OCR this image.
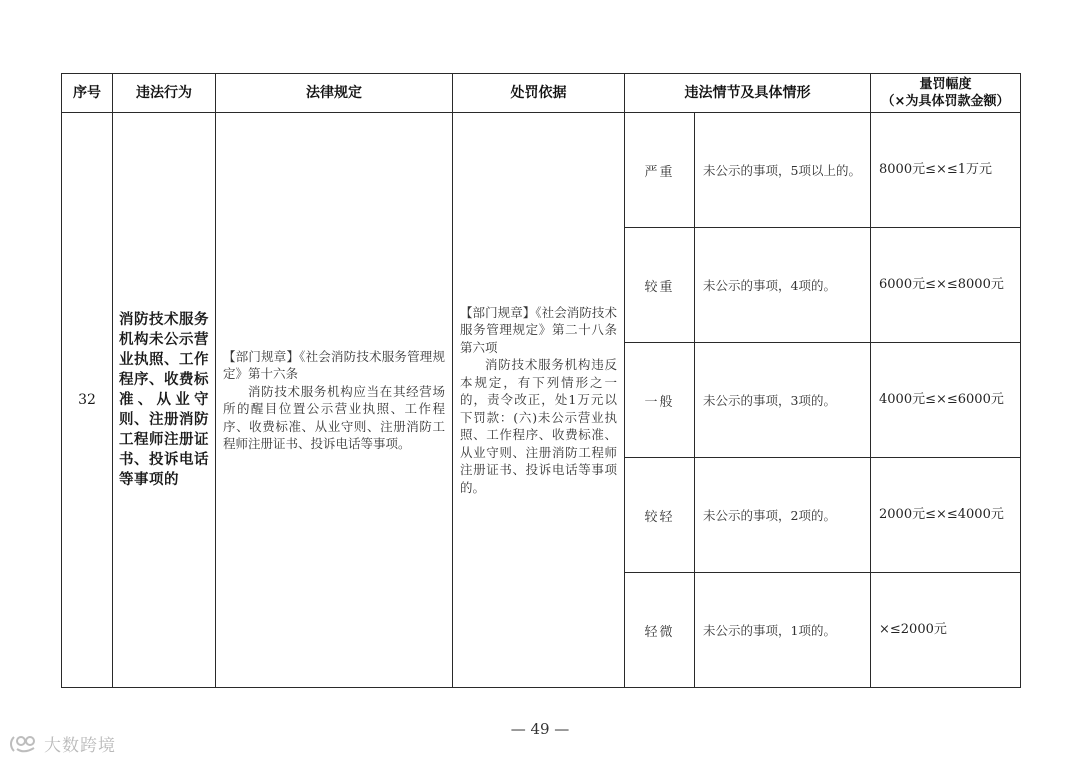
序号	违法行为	法律规定	处罚依据	违法情节及具体情形		量罚幅度
（×为具体罚款金额）

32	消防技术服务机构未公示营业执照、工作程序、收费标准、从业守则、注册消防工程师注册证书、投诉电话等事项的	【部门规章】《社会消防技术服务管理规定》第十六条
消防技术服务机构应当在其经营场所的醒目位置公示营业执照、工作程序、收费标准、从业守则、注册消防工程师注册证书、投诉电话等事项。	【部门规章】《社会消防技术服务管理规定》第二十八条第六项
消防技术服务机构违反本规定，有下列情形之一的，责令改正，处1万元以下罚款：(六)未公示营业执照、工作程序、收费标准、从业守则、注册消防工程师注册证书、投诉电话等事项的。	严重	未公示的事项，5项以上的。	8000元≤×≤1万元
				较重	未公示的事项，4项的。	6000元≤×≤8000元
				一般	未公示的事项，3项的。	4000元≤×≤6000元
				较轻	未公示的事项，2项的。	2000元≤×≤4000元
				轻微	未公示的事项，1项的。	×≤2000元
— 49 —
大数跨境
